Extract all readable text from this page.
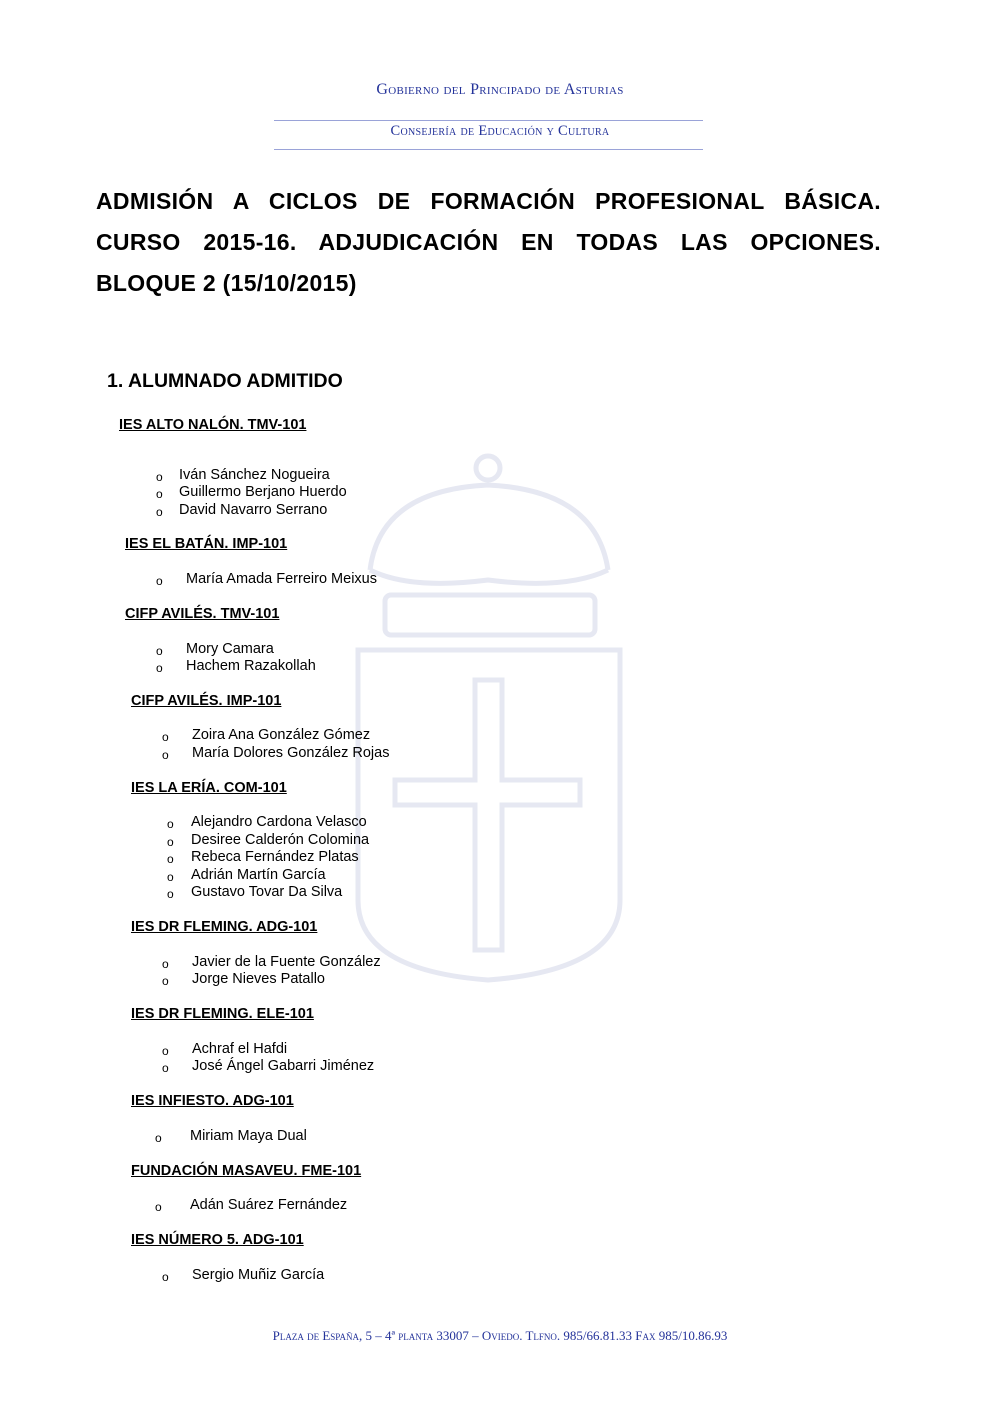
Gobierno del Principado de Asturias
Consejería de Educación y Cultura
ADMISIÓN A CICLOS DE FORMACIÓN PROFESIONAL BÁSICA.
CURSO 2015-16. ADJUDICACIÓN EN TODAS LAS OPCIONES.
BLOQUE 2 (15/10/2015)
1. ALUMNADO ADMITIDO
IES ALTO NALÓN. TMV-101
o Iván Sánchez Nogueira
o Guillermo Berjano Huerdo
o David Navarro Serrano
IES EL BATÁN. IMP-101
o María Amada Ferreiro Meixus
CIFP AVILÉS. TMV-101
o Mory Camara
o Hachem Razakollah
CIFP AVILÉS. IMP-101
o Zoira Ana González Gómez
o María Dolores González Rojas
IES LA ERÍA. COM-101
o Alejandro Cardona Velasco
o Desiree Calderón Colomina
o Rebeca Fernández Platas
o Adrián Martín García
o Gustavo Tovar Da Silva
IES DR FLEMING. ADG-101
o Javier de la Fuente González
o Jorge Nieves Patallo
IES DR FLEMING. ELE-101
o Achraf el Hafdi
o José Ángel Gabarri Jiménez
IES INFIESTO. ADG-101
o Miriam Maya Dual
FUNDACIÓN MASAVEU. FME-101
o Adán Suárez Fernández
IES NÚMERO 5. ADG-101
o Sergio Muñiz García
Plaza de España, 5 – 4ª planta 33007 – Oviedo. Tlfno. 985/66.81.33 Fax 985/10.86.93
